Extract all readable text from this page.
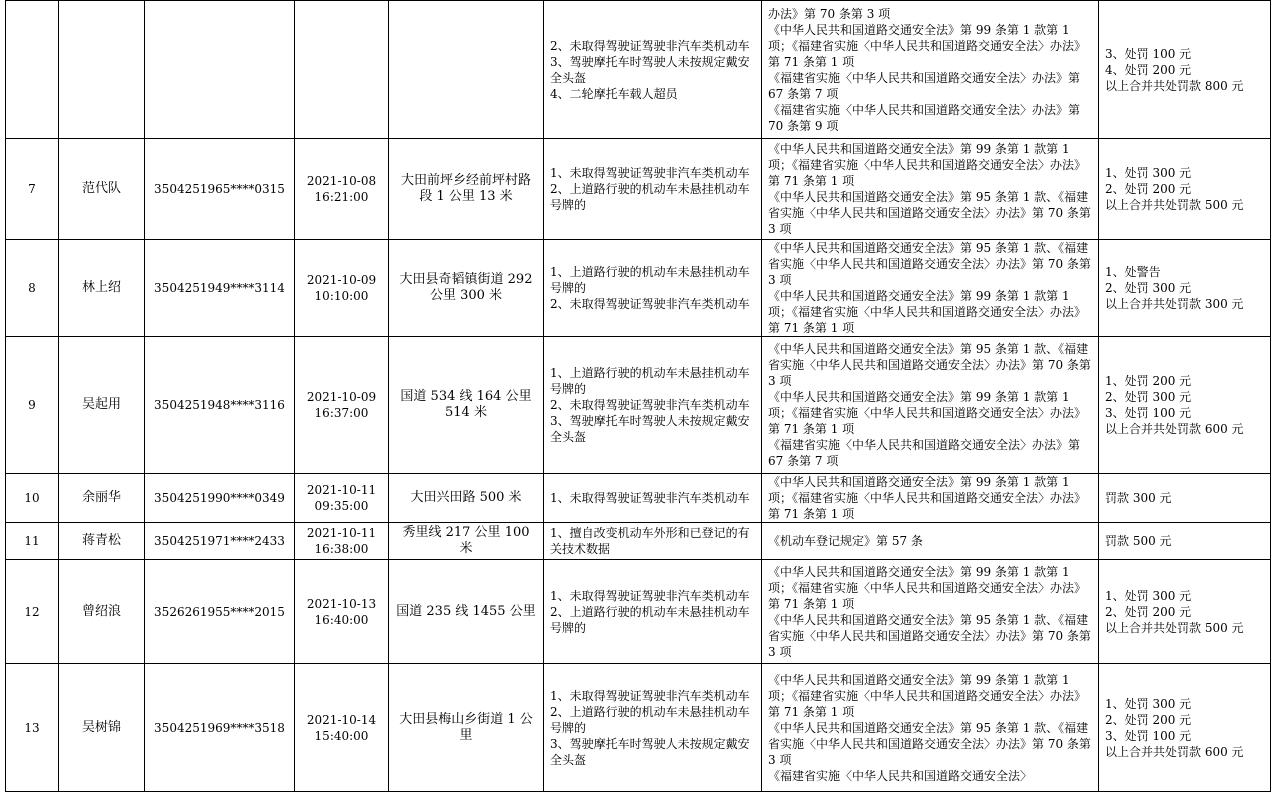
					2、未取得驾驶证驾驶非汽车类机动车
3、驾驶摩托车时驾驶人未按规定戴安全头盔
4、二轮摩托车载人超员	办法》第 70 条第 3 项
《中华人民共和国道路交通安全法》第 99 条第 1 款第 1 项；《福建省实施〈中华人民共和国道路交通安全法〉办法》第 71 条第 1 项
《福建省实施〈中华人民共和国道路交通安全法〉办法》第 67 条第 7 项
《福建省实施〈中华人民共和国道路交通安全法〉办法》第 70 条第 9 项	3、处罚 100 元
4、处罚 200 元
以上合并共处罚款 800 元

7	范代队	3504251965****0315	2021-10-08
16:21:00	大田前坪乡经前坪村路段 1 公里 13 米	1、未取得驾驶证驾驶非汽车类机动车
2、上道路行驶的机动车未悬挂机动车号牌的	《中华人民共和国道路交通安全法》第 99 条第 1 款第 1 项；《福建省实施〈中华人民共和国道路交通安全法〉办法》第 71 条第 1 项
《中华人民共和国道路交通安全法》第 95 条第 1 款、《福建省实施〈中华人民共和国道路交通安全法〉办法》第 70 条第 3 项	1、处罚 300 元
2、处罚 200 元
以上合并共处罚款 500 元

8	林上绍	3504251949****3114	2021-10-09
10:10:00	大田县奇韬镇街道 292 公里 300 米	1、上道路行驶的机动车未悬挂机动车号牌的
2、未取得驾驶证驾驶非汽车类机动车	《中华人民共和国道路交通安全法》第 95 条第 1 款、《福建省实施〈中华人民共和国道路交通安全法〉办法》第 70 条第 3 项
《中华人民共和国道路交通安全法》第 99 条第 1 款第 1 项；《福建省实施〈中华人民共和国道路交通安全法〉办法》第 71 条第 1 项	1、处警告
2、处罚 300 元
以上合并共处罚款 300 元

9	吴起用	3504251948****3116	2021-10-09
16:37:00	国道 534 线 164 公里 514 米	1、上道路行驶的机动车未悬挂机动车号牌的
2、未取得驾驶证驾驶非汽车类机动车
3、驾驶摩托车时驾驶人未按规定戴安全头盔	《中华人民共和国道路交通安全法》第 95 条第 1 款、《福建省实施〈中华人民共和国道路交通安全法〉办法》第 70 条第 3 项
《中华人民共和国道路交通安全法》第 99 条第 1 款第 1 项；《福建省实施〈中华人民共和国道路交通安全法〉办法》第 71 条第 1 项
《福建省实施〈中华人民共和国道路交通安全法〉办法》第 67 条第 7 项	1、处罚 200 元
2、处罚 300 元
3、处罚 100 元
以上合并共处罚款 600 元

10	余丽华	3504251990****0349	2021-10-11
09:35:00	大田兴田路 500 米	1、未取得驾驶证驾驶非汽车类机动车	《中华人民共和国道路交通安全法》第 99 条第 1 款第 1 项；《福建省实施〈中华人民共和国道路交通安全法〉办法》第 71 条第 1 项	罚款 300 元

11	蒋青松	3504251971****2433	2021-10-11
16:38:00	秀里线 217 公里 100 米	1、擅自改变机动车外形和已登记的有关技术数据	《机动车登记规定》第 57 条	罚款 500 元

12	曾绍浪	3526261955****2015	2021-10-13
16:40:00	国道 235 线 1455 公里	1、未取得驾驶证驾驶非汽车类机动车
2、上道路行驶的机动车未悬挂机动车号牌的	《中华人民共和国道路交通安全法》第 99 条第 1 款第 1 项；《福建省实施〈中华人民共和国道路交通安全法〉办法》第 71 条第 1 项
《中华人民共和国道路交通安全法》第 95 条第 1 款、《福建省实施〈中华人民共和国道路交通安全法〉办法》第 70 条第 3 项	1、处罚 300 元
2、处罚 200 元
以上合并共处罚款 500 元

13	吴树锦	3504251969****3518	2021-10-14
15:40:00	大田县梅山乡街道 1 公里	1、未取得驾驶证驾驶非汽车类机动车
2、上道路行驶的机动车未悬挂机动车号牌的
3、驾驶摩托车时驾驶人未按规定戴安全头盔	《中华人民共和国道路交通安全法》第 99 条第 1 款第 1 项；《福建省实施〈中华人民共和国道路交通安全法〉办法》第 71 条第 1 项
《中华人民共和国道路交通安全法》第 95 条第 1 款、《福建省实施〈中华人民共和国道路交通安全法〉办法》第 70 条第 3 项
《福建省实施〈中华人民共和国道路交通安全法〉	1、处罚 300 元
2、处罚 200 元
3、处罚 100 元
以上合并共处罚款 600 元
